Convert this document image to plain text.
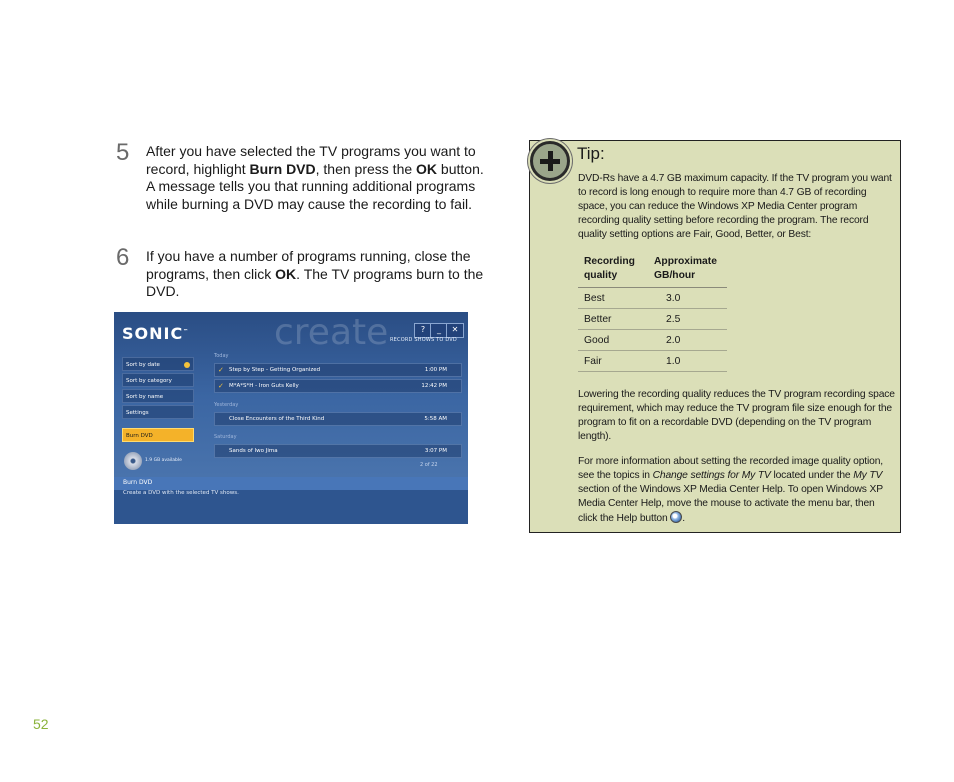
5 After you have selected the TV programs you want to record, highlight Burn DVD, then press the OK button. A message tells you that running additional programs while burning a DVD may cause the recording to fail.
6 If you have a number of programs running, close the programs, then click OK. The TV programs burn to the DVD.
create
SONIC™	?	_	✕
RECORD SHOWS TO DVD
Sort by date
Sort by category
Sort by name
Settings
Burn DVD
1.9 GB available
Today
✓ Step by Step - Getting Organized	1:00 PM
✓ M*A*S*H - Iron Guts Kelly	12:42 PM
Yesterday
Close Encounters of the Third Kind	5:58 AM
Saturday
Sands of Iwo Jima	3:07 PM
2 of 22
Burn DVD
Create a DVD with the selected TV shows.
Tip:
DVD-Rs have a 4.7 GB maximum capacity. If the TV program you want to record is long enough to require more than 4.7 GB of recording space, you can reduce the Windows XP Media Center program recording quality setting before recording the program. The record quality setting options are Fair, Good, Better, or Best:
Recording quality	Approximate GB/hour
Best	3.0
Better	2.5
Good	2.0
Fair	1.0
Lowering the recording quality reduces the TV program recording space requirement, which may reduce the TV program file size enough for the program to fit on a recordable DVD (depending on the TV program length).
For more information about setting the recorded image quality option, see the topics in Change settings for My TV located under the My TV section of the Windows XP Media Center Help. To open Windows XP Media Center Help, move the mouse to activate the menu bar, then click the Help button .
52
